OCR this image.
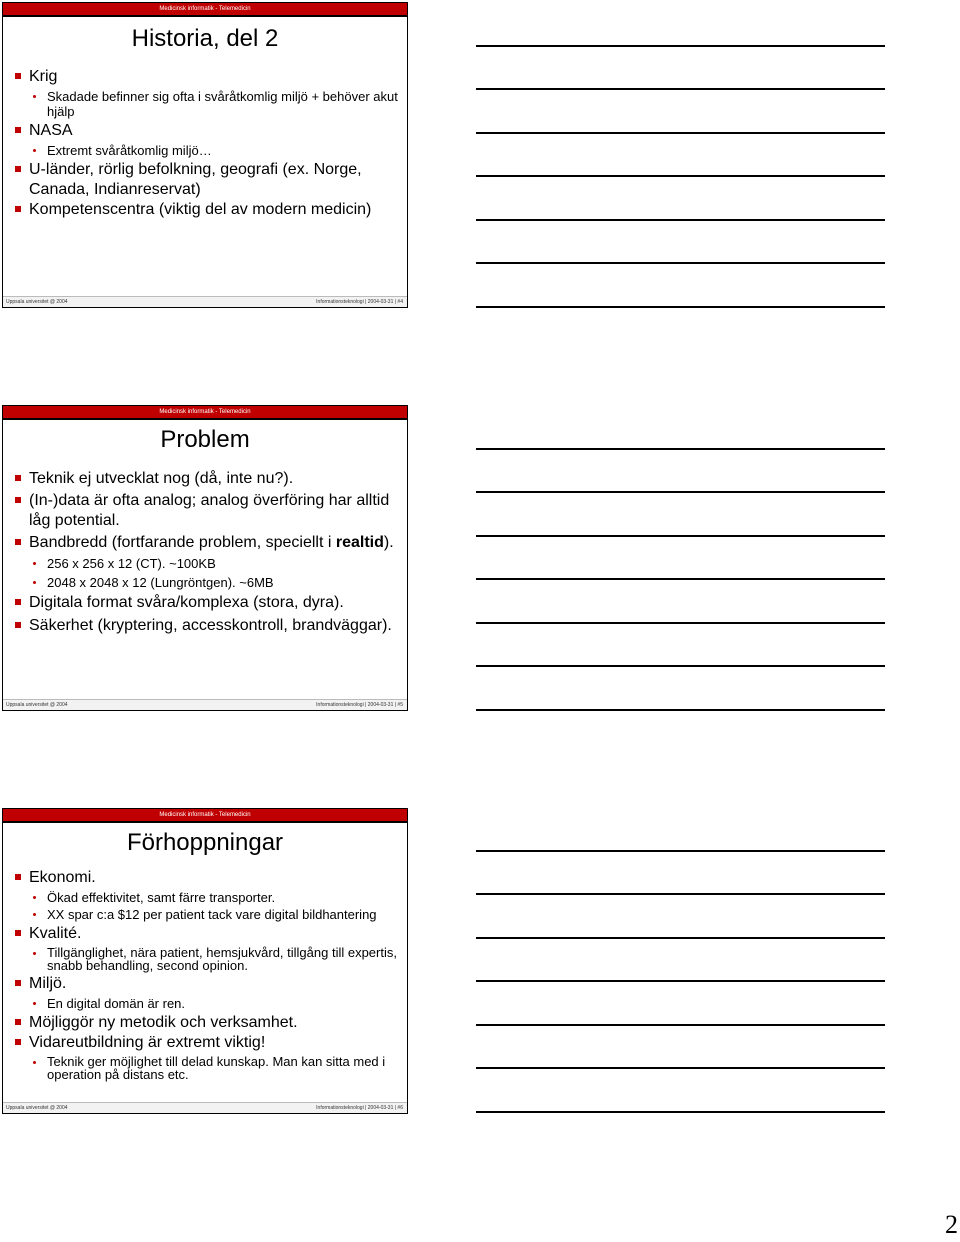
Medicinsk informatik - Telemedicin
Historia, del 2
Krig
Skadade befinner sig ofta i svåråtkomlig miljö + behöver akut hjälp
NASA
Extremt svåråtkomlig miljö…
U-länder, rörlig befolkning, geografi (ex. Norge, Canada, Indianreservat)
Kompetenscentra (viktig del av modern medicin)
Uppsala universitet @ 2004	Informationsteknologi | 2004-03-31 | #4
Medicinsk informatik - Telemedicin
Problem
Teknik ej utvecklat nog (då, inte nu?).
(In-)data är ofta analog; analog överföring har alltid låg potential.
Bandbredd (fortfarande problem, speciellt i realtid).
256 x 256 x 12 (CT). ~100KB
2048 x 2048 x 12 (Lungröntgen). ~6MB
Digitala format svåra/komplexa (stora, dyra).
Säkerhet (kryptering, accesskontroll, brandväggar).
Uppsala universitet @ 2004	Informationsteknologi | 2004-03-31 | #5
Medicinsk informatik - Telemedicin
Förhoppningar
Ekonomi.
Ökad effektivitet, samt färre transporter.
XX spar c:a $12 per patient tack vare digital bildhantering
Kvalité.
Tillgänglighet, nära patient, hemsjukvård, tillgång till expertis, snabb behandling, second opinion.
Miljö.
En digital domän är ren.
Möjliggör ny metodik och verksamhet.
Vidareutbildning är extremt viktig!
Teknik ger möjlighet till delad kunskap. Man kan sitta med i operation på distans etc.
Uppsala universitet @ 2004	Informationsteknologi | 2004-03-31 | #6
2
